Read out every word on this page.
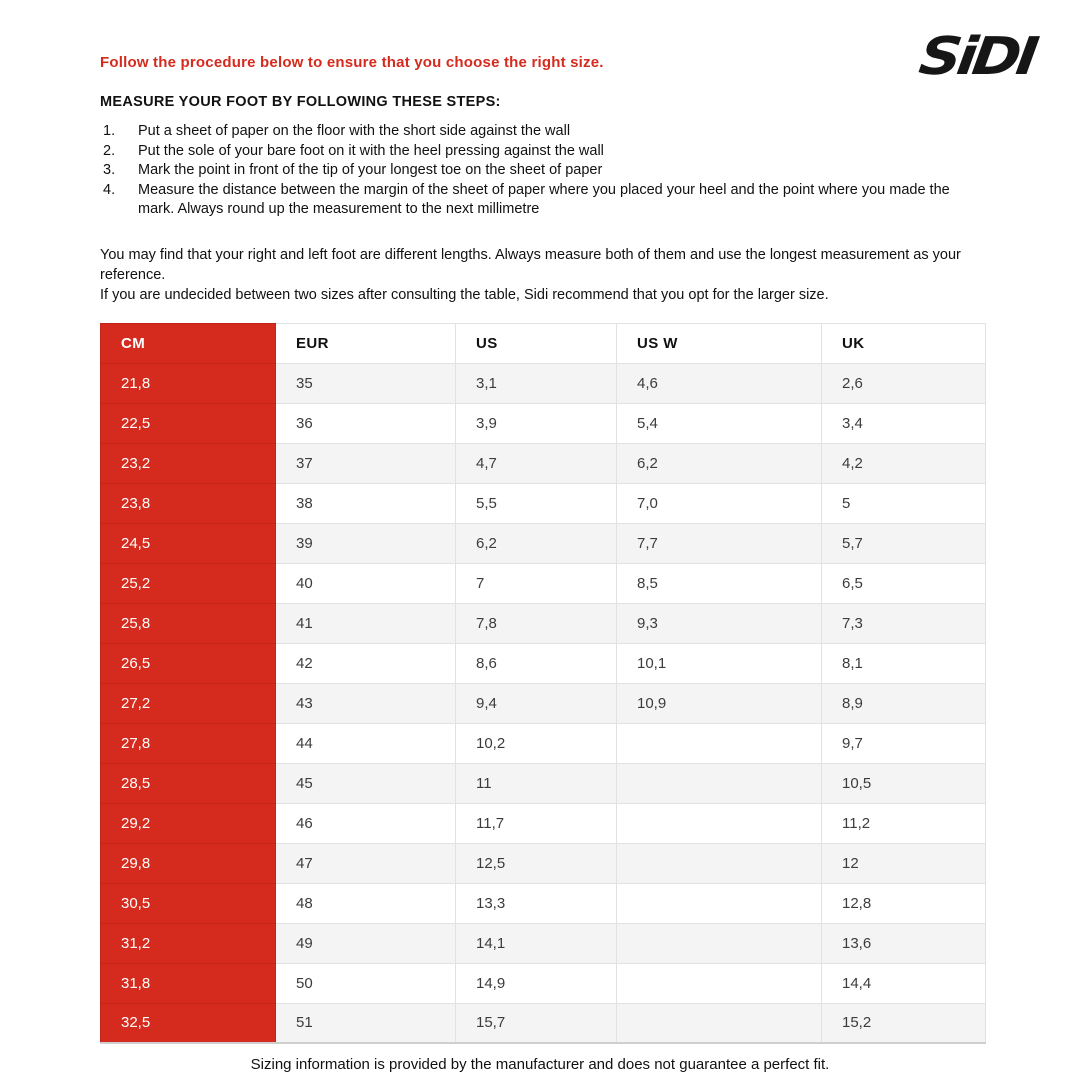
SiDI
Follow the procedure below to ensure that you choose the right size.
MEASURE YOUR FOOT BY FOLLOWING THESE STEPS:
1.	Put a sheet of paper on the floor with the short side against the wall
2.	Put the sole of your bare foot on it with the heel pressing against the wall
3.	Mark the point in front of the tip of your longest toe on the sheet of paper
4.	Measure the distance between the margin of the sheet of paper where you placed your heel and the point where you made the mark. Always round up the measurement to the next millimetre
You may find that your right and left foot are different lengths. Always measure both of them and use the longest measurement as your reference.
If you are undecided between two sizes after consulting the table, Sidi recommend that you opt for the larger size.
CM	EUR	US	US W	UK
21,8	35	3,1	4,6	2,6
22,5	36	3,9	5,4	3,4
23,2	37	4,7	6,2	4,2
23,8	38	5,5	7,0	5
24,5	39	6,2	7,7	5,7
25,2	40	7	8,5	6,5
25,8	41	7,8	9,3	7,3
26,5	42	8,6	10,1	8,1
27,2	43	9,4	10,9	8,9
27,8	44	10,2		9,7
28,5	45	11		10,5
29,2	46	11,7		11,2
29,8	47	12,5		12
30,5	48	13,3		12,8
31,2	49	14,1		13,6
31,8	50	14,9		14,4
32,5	51	15,7		15,2
Sizing information is provided by the manufacturer and does not guarantee a perfect fit.
